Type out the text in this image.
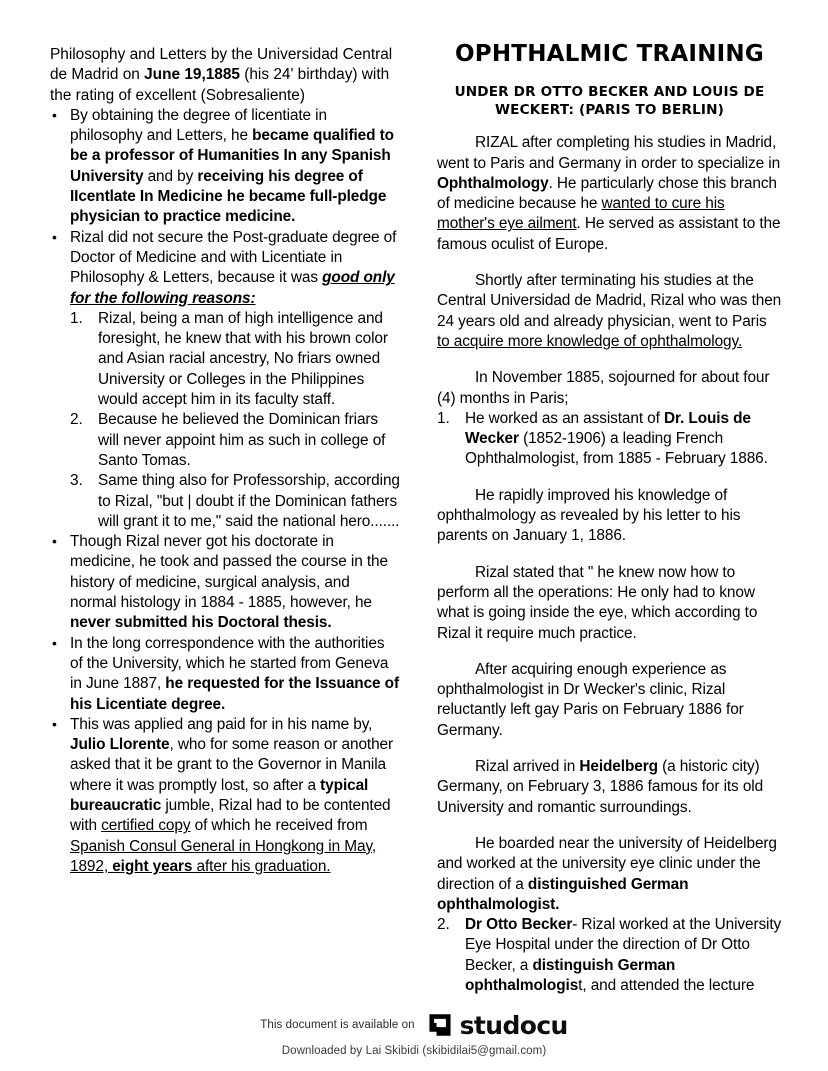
Philosophy and Letters by the Universidad Central de Madrid on June 19,1885 (his 24' birthday) with the rating of excellent (Sobresaliente)

• By obtaining the degree of licentiate in philosophy and Letters, he became qualified to be a professor of Humanities In any Spanish University and by receiving his degree of IIcentlate In Medicine he became full-pledge physician to practice medicine.
• Rizal did not secure the Post-graduate degree of Doctor of Medicine and with Licentiate in Philosophy & Letters, because it was good only for the following reasons:
1. Rizal, being a man of high intelligence and foresight, he knew that with his brown color and Asian racial ancestry, No friars owned University or Colleges in the Philippines would accept him in its faculty staff.
2. Because he believed the Dominican friars will never appoint him as such in college of Santo Tomas.
3. Same thing also for Professorship, according to Rizal, "but | doubt if the Dominican fathers will grant it to me," said the national hero.......
• Though Rizal never got his doctorate in medicine, he took and passed the course in the history of medicine, surgical analysis, and normal histology in 1884 - 1885, however, he never submitted his Doctoral thesis.
• In the long correspondence with the authorities of the University, which he started from Geneva in June 1887, he requested for the Issuance of his Licentiate degree.
• This was applied ang paid for in his name by, Julio Llorente, who for some reason or another asked that it be grant to the Governor in Manila where it was promptly lost, so after a typical bureaucratic jumble, Rizal had to be contented with certified copy of which he received from Spanish Consul General in Hongkong in May, 1892, eight years after his graduation.
OPHTHALMIC TRAINING
UNDER DR OTTO BECKER AND LOUIS DE WECKERT: (PARIS TO BERLIN)

RIZAL after completing his studies in Madrid, went to Paris and Germany in order to specialize in Ophthalmology. He particularly chose this branch of medicine because he wanted to cure his mother's eye ailment. He served as assistant to the famous oculist of Europe.

Shortly after terminating his studies at the Central Universidad de Madrid, Rizal who was then 24 years old and already physician, went to Paris to acquire more knowledge of ophthalmology.

In November 1885, sojourned for about four (4) months in Paris;

1. He worked as an assistant of Dr. Louis de Wecker (1852-1906) a leading French Ophthalmologist, from 1885 - February 1886.

He rapidly improved his knowledge of ophthalmology as revealed by his letter to his parents on January 1, 1886.

Rizal stated that " he knew now how to perform all the operations: He only had to know what is going inside the eye, which according to Rizal it require much practice.

After acquiring enough experience as ophthalmologist in Dr Wecker's clinic, Rizal reluctantly left gay Paris on February 1886 for Germany.

Rizal arrived in Heidelberg (a historic city) Germany, on February 3, 1886 famous for its old University and romantic surroundings.

He boarded near the university of Heidelberg and worked at the university eye clinic under the direction of a distinguished German ophthalmologist.

2. Dr Otto Becker- Rizal worked at the University Eye Hospital under the direction of Dr Otto Becker, a distinguish German ophthalmologist, and attended the lecture
This document is available on studocu
Downloaded by Lai Skibidi (skibidilai5@gmail.com)
